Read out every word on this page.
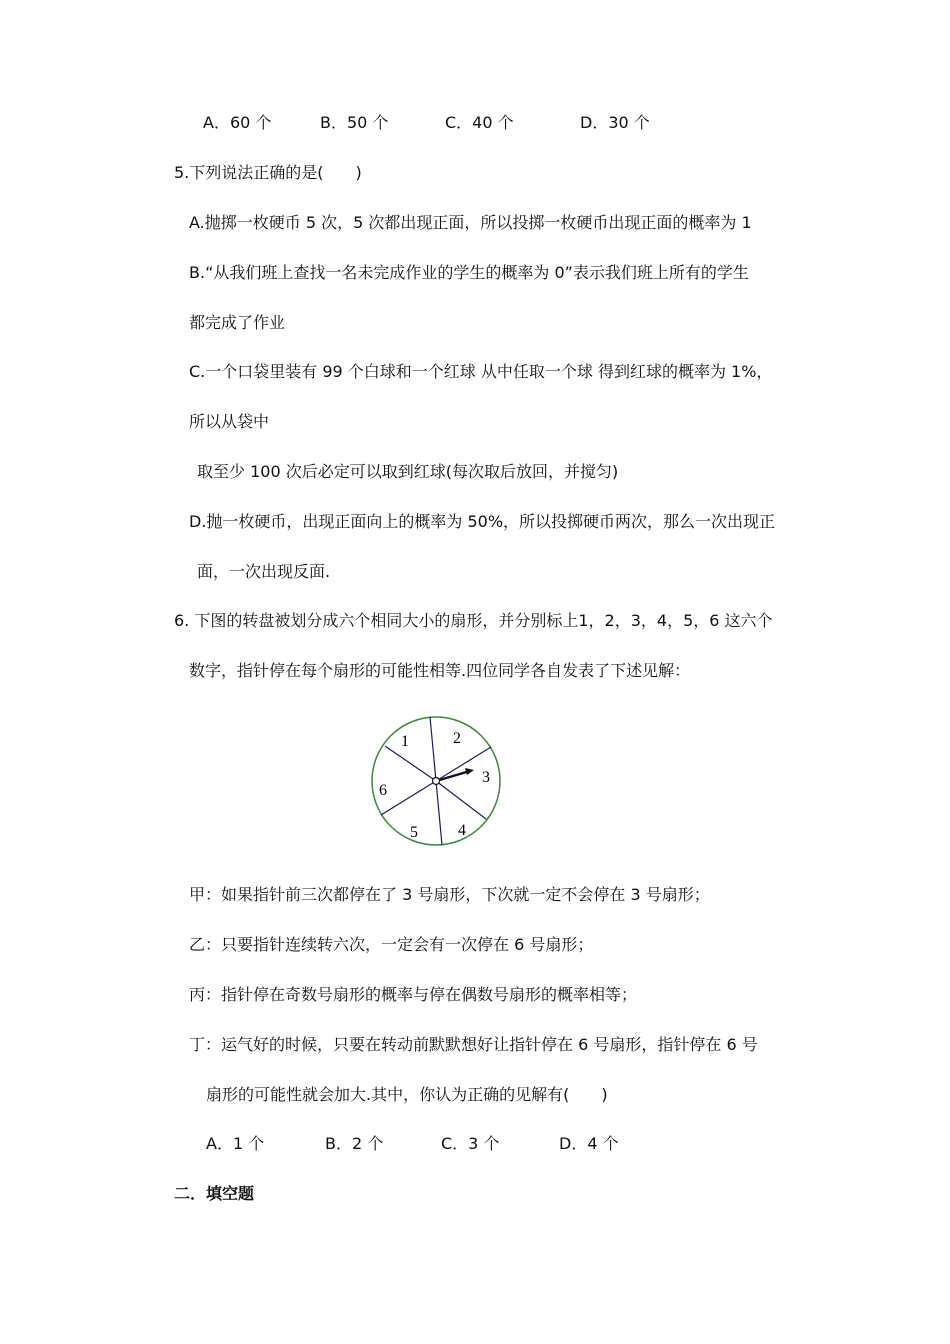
A．60 个	B．50 个	C．40 个	D．30 个
5.下列说法正确的是(　　)
A.抛掷一枚硬币 5 次，5 次都出现正面，所以投掷一枚硬币出现正面的概率为 1
B.“从我们班上查找一名未完成作业的学生的概率为 0”表示我们班上所有的学生
都完成了作业
C.一个口袋里装有 99 个白球和一个红球 从中任取一个球 得到红球的概率为 1%，
所以从袋中
取至少 100 次后必定可以取到红球(每次取后放回，并搅匀)
D.抛一枚硬币，出现正面向上的概率为 50%，所以投掷硬币两次，那么一次出现正
面，一次出现反面.
6. 下图的转盘被划分成六个相同大小的扇形，并分别标上1，2，3，4，5，6 这六个
数字，指针停在每个扇形的可能性相等.四位同学各自发表了下述见解：
1	2
3
4
5
6
甲：如果指针前三次都停在了 3 号扇形，下次就一定不会停在 3 号扇形；
乙：只要指针连续转六次，一定会有一次停在 6 号扇形；
丙：指针停在奇数号扇形的概率与停在偶数号扇形的概率相等；
丁：运气好的时候，只要在转动前默默想好让指针停在 6 号扇形，指针停在 6 号
扇形的可能性就会加大.其中，你认为正确的见解有(　　)
A．1 个	B．2 个	C．3 个	D．4 个
二．填空题
